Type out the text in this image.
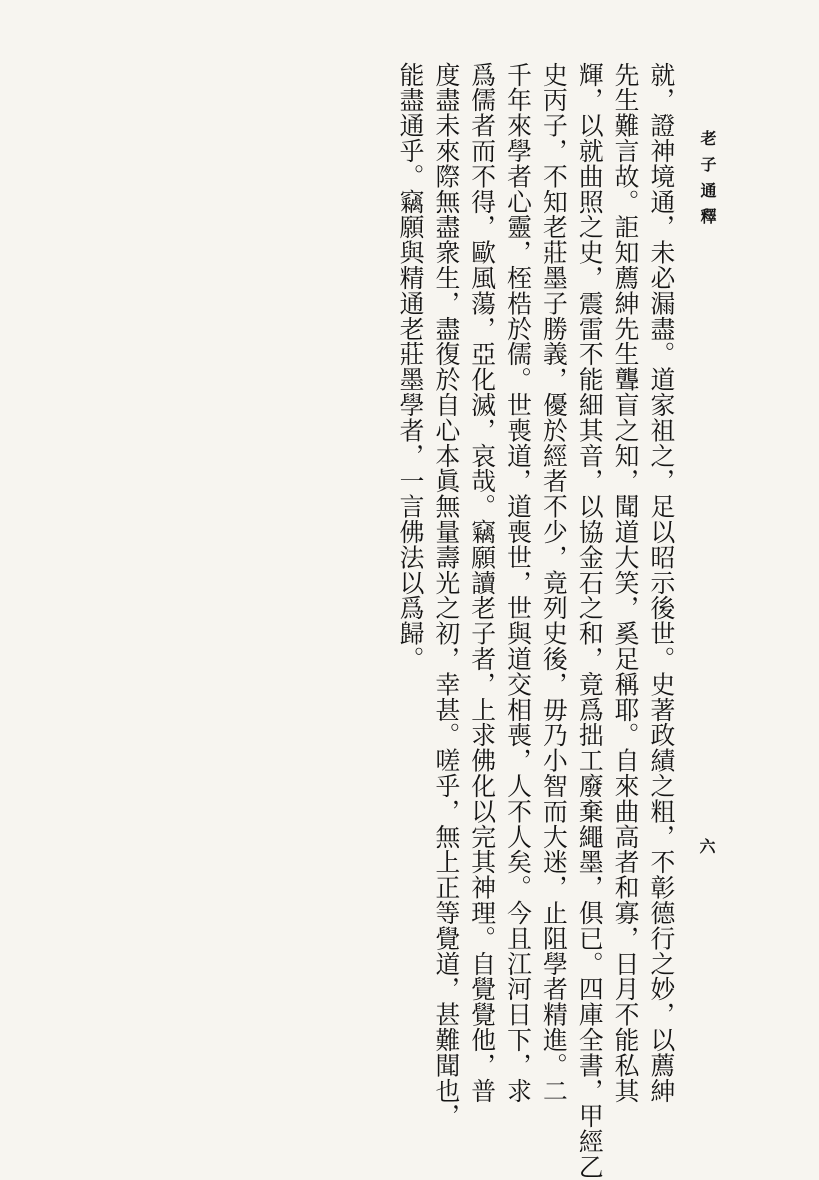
老子通釋
六
就，證神境通，未必漏盡。道家祖之，足以昭示後世。史著政績之粗，不彰德行之妙，以薦紳
先生難言故。詎知薦紳先生聾盲之知，聞道大笑，奚足稱耶。自來曲高者和寡，日月不能私其
輝，以就曲照之史，震雷不能細其音，以協金石之和，竟爲拙工廢棄繩墨，俱已。四庫全書，甲經乙
史丙子，不知老莊墨子勝義，優於經者不少，竟列史後，毋乃小智而大迷，止阻學者精進。二
千年來學者心靈，桎梏於儒。世喪道，道喪世，世與道交相喪，人不人矣。今且江河日下，求
爲儒者而不得，歐風蕩，亞化滅，哀哉。竊願讀老子者，上求佛化以完其神理。自覺覺他，普
度盡未來際無盡衆生，盡復於自心本眞無量壽光之初，幸甚。嗟乎，無上正等覺道，甚難聞也，
能盡通乎。竊願與精通老莊墨學者，一言佛法以爲歸。
